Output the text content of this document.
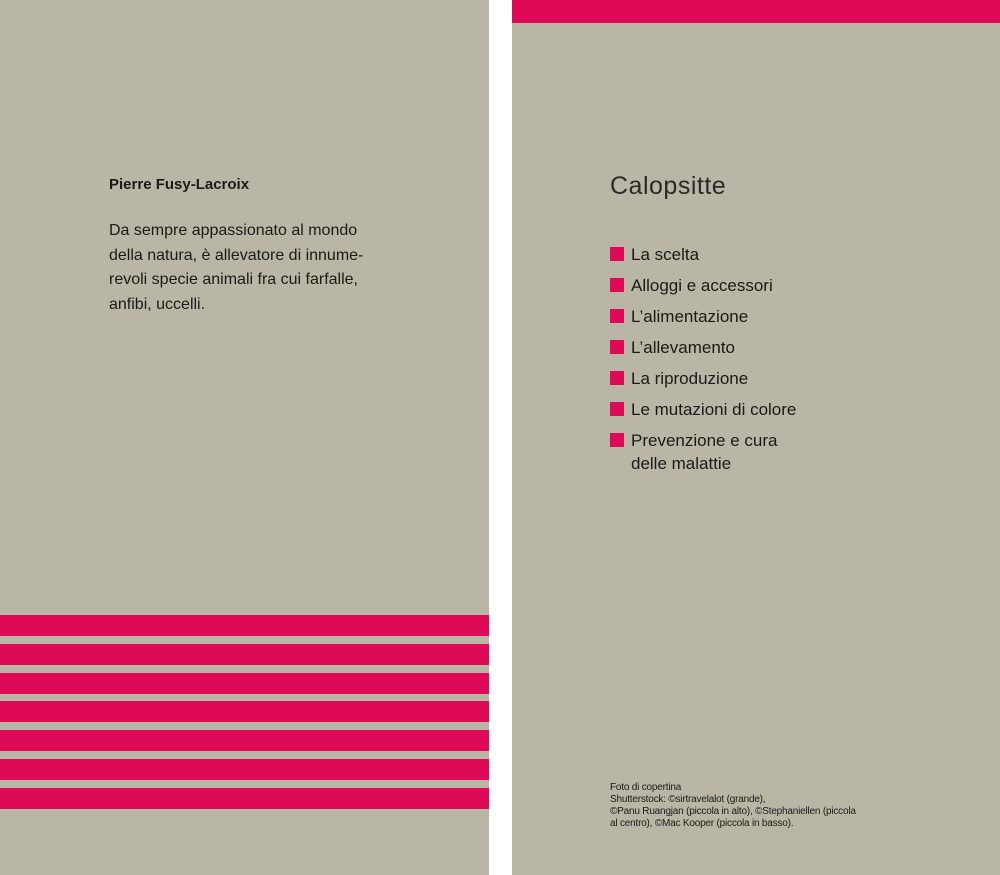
Pierre Fusy-Lacroix
Da sempre appassionato al mondo
della natura, è allevatore di innume-
revoli specie animali fra cui farfalle,
anfibi, uccelli.
Calopsitte
La scelta
Alloggi e accessori
L’alimentazione
L’allevamento
La riproduzione
Le mutazioni di colore
Prevenzione e cura
delle malattie
Foto di copertina
Shutterstock: ©sirtravelalot (grande),
©Panu Ruangjan (piccola in alto), ©Stephaniellen (piccola
al centro), ©Mac Kooper (piccola in basso).
